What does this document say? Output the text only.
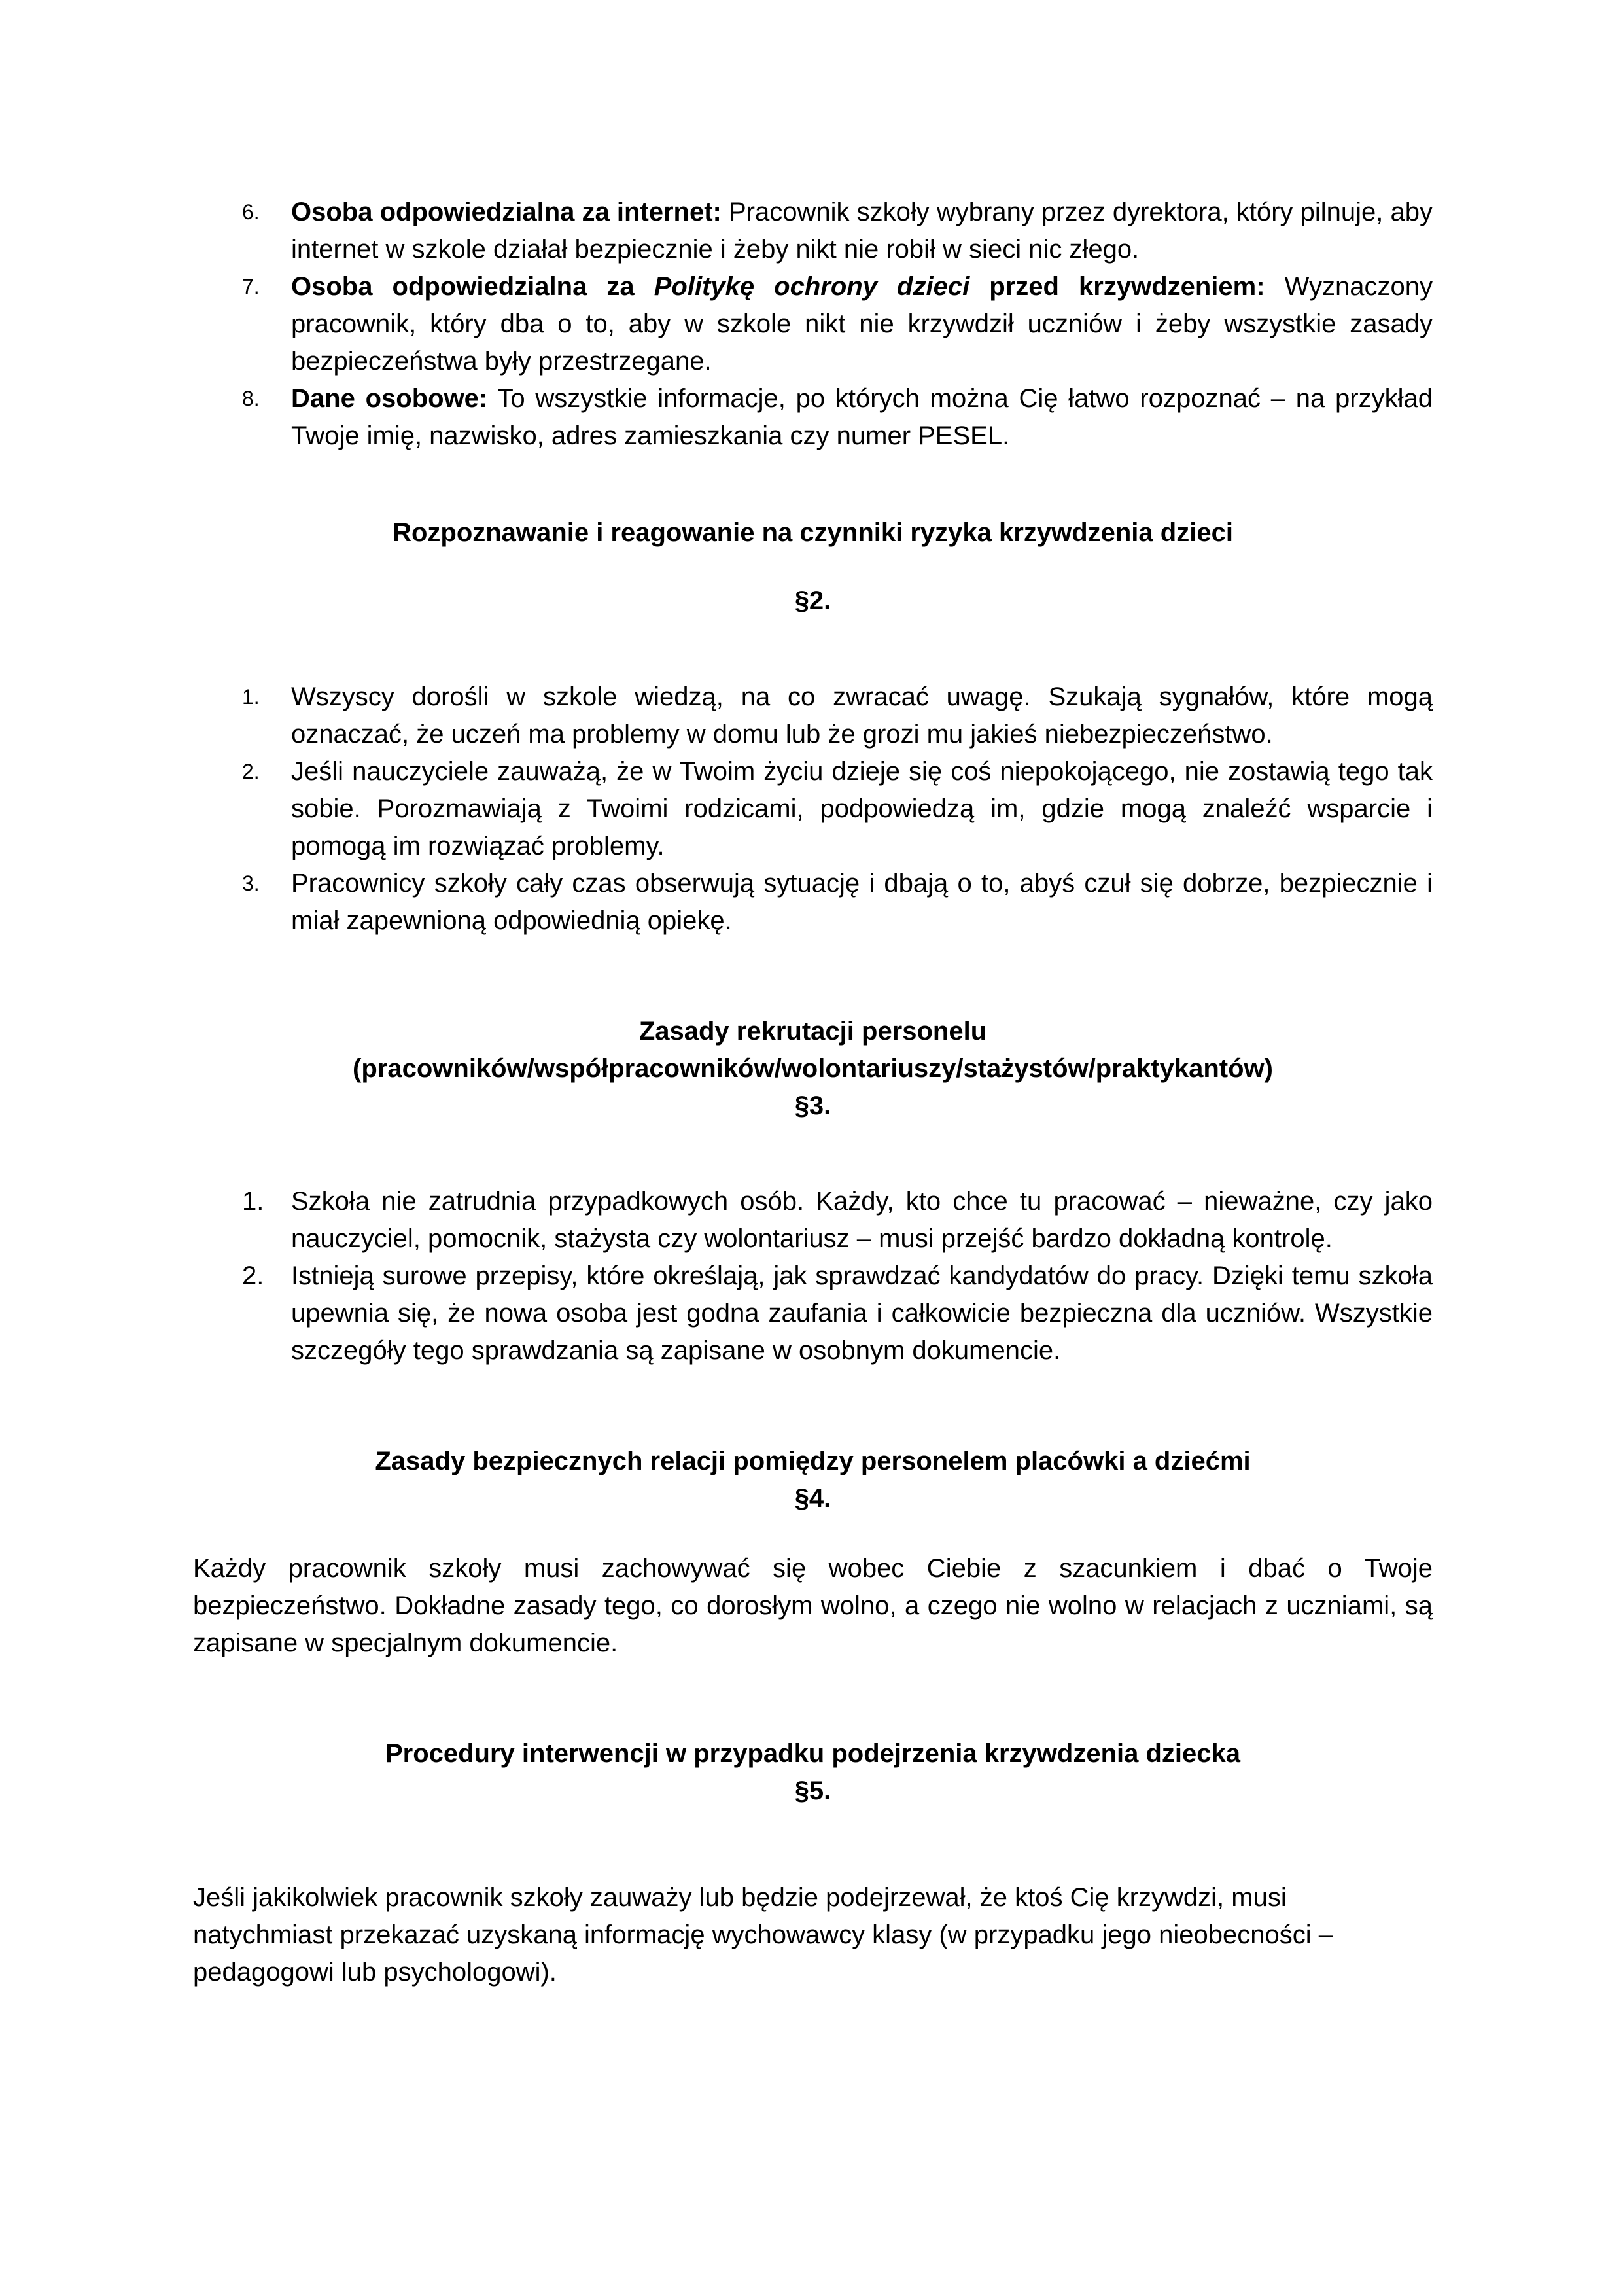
6. Osoba odpowiedzialna za internet: Pracownik szkoły wybrany przez dyrektora, który pilnuje, aby internet w szkole działał bezpiecznie i żeby nikt nie robił w sieci nic złego.
7. Osoba odpowiedzialna za Politykę ochrony dzieci przed krzywdzeniem: Wyznaczony pracownik, który dba o to, aby w szkole nikt nie krzywdził uczniów i żeby wszystkie zasady bezpieczeństwa były przestrzegane.
8. Dane osobowe: To wszystkie informacje, po których można Cię łatwo rozpoznać – na przykład Twoje imię, nazwisko, adres zamieszkania czy numer PESEL.
Rozpoznawanie i reagowanie na czynniki ryzyka krzywdzenia dzieci
§2.
1. Wszyscy dorośli w szkole wiedzą, na co zwracać uwagę. Szukają sygnałów, które mogą oznaczać, że uczeń ma problemy w domu lub że grozi mu jakieś niebezpieczeństwo.
2. Jeśli nauczyciele zauważą, że w Twoim życiu dzieje się coś niepokojącego, nie zostawią tego tak sobie. Porozmawiają z Twoimi rodzicami, podpowiedzą im, gdzie mogą znaleźć wsparcie i pomogą im rozwiązać problemy.
3. Pracownicy szkoły cały czas obserwują sytuację i dbają o to, abyś czuł się dobrze, bezpiecznie i miał zapewnioną odpowiednią opiekę.
Zasady rekrutacji personelu
(pracowników/współpracowników/wolontariuszy/stażystów/praktykantów)
§3.
1. Szkoła nie zatrudnia przypadkowych osób. Każdy, kto chce tu pracować – nieważne, czy jako nauczyciel, pomocnik, stażysta czy wolontariusz – musi przejść bardzo dokładną kontrolę.
2. Istnieją surowe przepisy, które określają, jak sprawdzać kandydatów do pracy. Dzięki temu szkoła upewnia się, że nowa osoba jest godna zaufania i całkowicie bezpieczna dla uczniów. Wszystkie szczegóły tego sprawdzania są zapisane w osobnym dokumencie.
Zasady bezpiecznych relacji pomiędzy personelem placówki a dziećmi
§4.
Każdy pracownik szkoły musi zachowywać się wobec Ciebie z szacunkiem i dbać o Twoje bezpieczeństwo. Dokładne zasady tego, co dorosłym wolno, a czego nie wolno w relacjach z uczniami, są zapisane w specjalnym dokumencie.
Procedury interwencji w przypadku podejrzenia krzywdzenia dziecka
§5.
Jeśli jakikolwiek pracownik szkoły zauważy lub będzie podejrzewał, że ktoś Cię krzywdzi, musi natychmiast przekazać uzyskaną informację wychowawcy klasy (w przypadku jego nieobecności – pedagogowi lub psychologowi).
